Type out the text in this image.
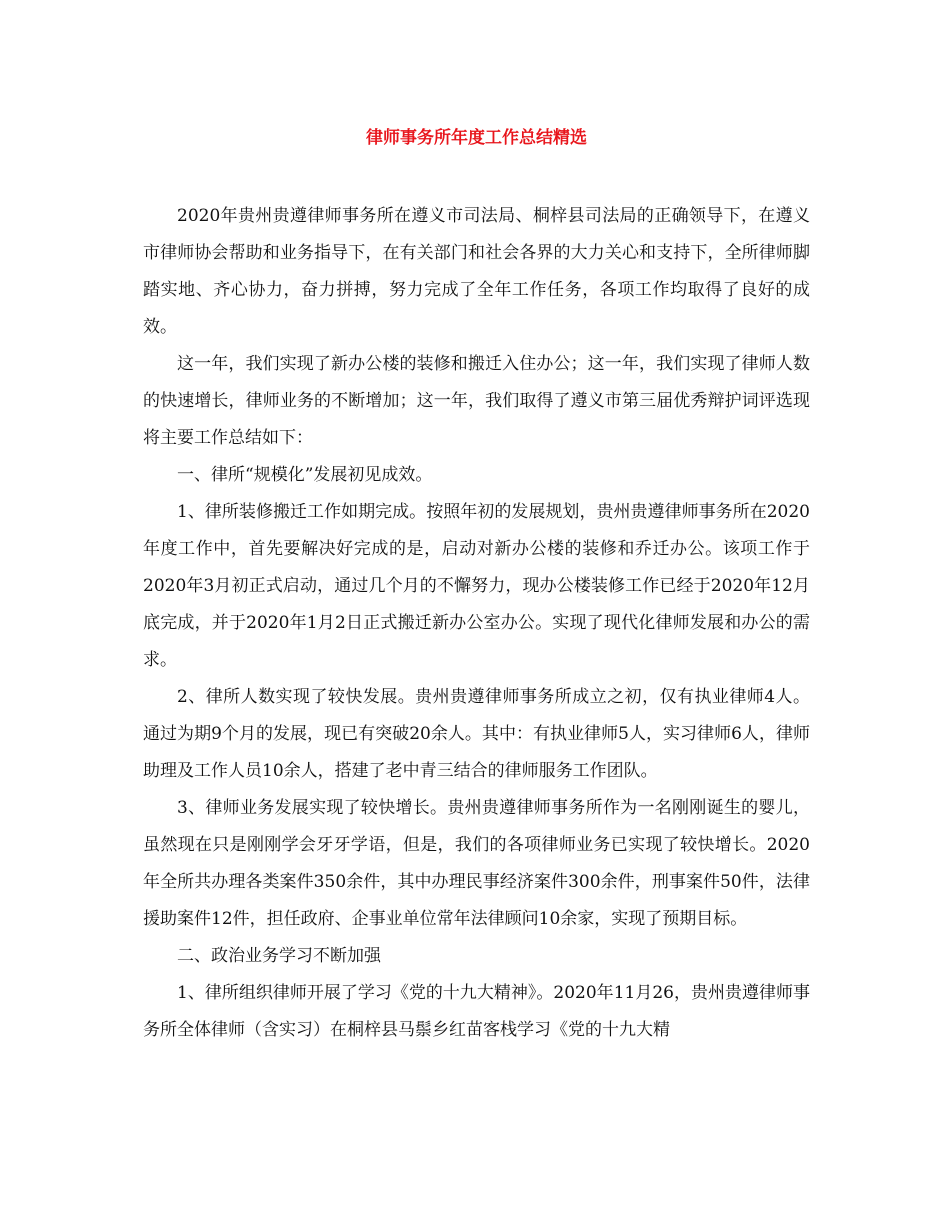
律师事务所年度工作总结精选

2020年贵州贵遵律师事务所在遵义市司法局、桐梓县司法局的正确领导下，在遵义市律师协会帮助和业务指导下，在有关部门和社会各界的大力关心和支持下，全所律师脚踏实地、齐心协力，奋力拼搏，努力完成了全年工作任务，各项工作均取得了良好的成效。

这一年，我们实现了新办公楼的装修和搬迁入住办公；这一年，我们实现了律师人数的快速增长，律师业务的不断增加；这一年，我们取得了遵义市第三届优秀辩护词评选现将主要工作总结如下：

一、律所“规模化”发展初见成效。

1、律所装修搬迁工作如期完成。按照年初的发展规划，贵州贵遵律师事务所在2020年度工作中，首先要解决好完成的是，启动对新办公楼的装修和乔迁办公。该项工作于2020年3月初正式启动，通过几个月的不懈努力，现办公楼装修工作已经于2020年12月底完成，并于2020年1月2日正式搬迁新办公室办公。实现了现代化律师发展和办公的需求。

2、律所人数实现了较快发展。贵州贵遵律师事务所成立之初，仅有执业律师4人。通过为期9个月的发展，现已有突破20余人。其中：有执业律师5人，实习律师6人，律师助理及工作人员10余人，搭建了老中青三结合的律师服务工作团队。

3、律师业务发展实现了较快增长。贵州贵遵律师事务所作为一名刚刚诞生的婴儿，虽然现在只是刚刚学会牙牙学语，但是，我们的各项律师业务已实现了较快增长。2020年全所共办理各类案件350余件，其中办理民事经济案件300余件，刑事案件50件，法律援助案件12件，担任政府、企事业单位常年法律顾问10余家，实现了预期目标。

二、政治业务学习不断加强

1、律所组织律师开展了学习《党的十九大精神》。2020年11月26，贵州贵遵律师事务所全体律师（含实习）在桐梓县马鬃乡红苗客栈学习《党的十九大精
